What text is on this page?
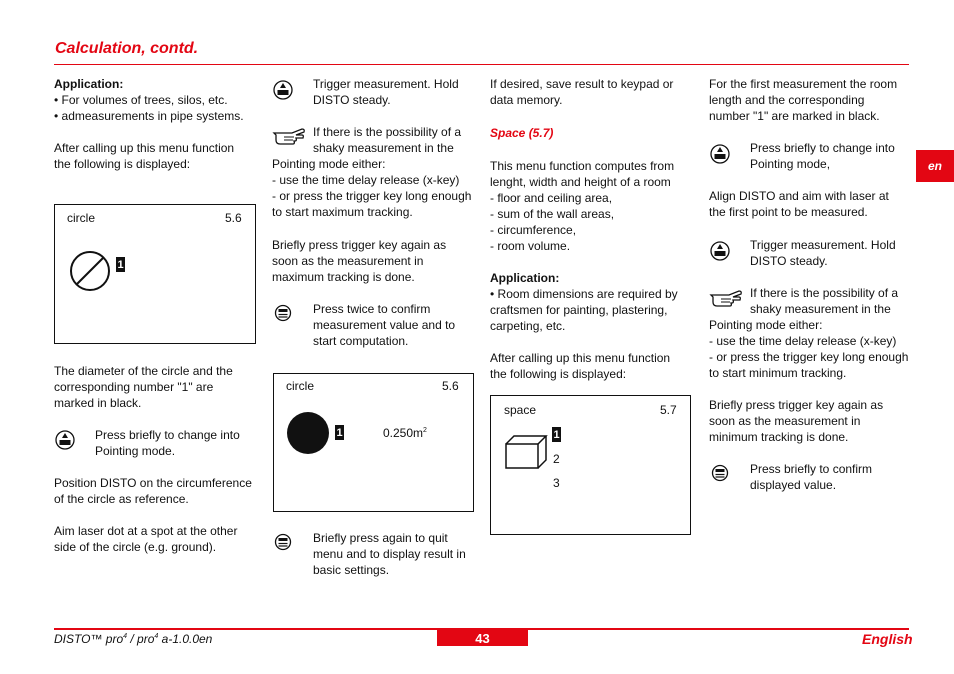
Calculation, contd.
Application:
• For volumes of trees, silos, etc.
• admeasurements in pipe systems.
After calling up this menu function
the following is displayed:
circle	5.6
1
The diameter of the circle and the
corresponding number "1" are
marked in black.
Press briefly to change into
Pointing mode.
Position DISTO on the circumference
of the circle as reference.
Aim laser dot at a spot at the other
side of the circle (e.g. ground).
Trigger measurement. Hold
DISTO steady.
If there is the possibility of a
shaky measurement in the
Pointing mode either:
- use the time delay release (x-key)
- or press the trigger key long enough
to start maximum tracking.
Briefly press trigger key again as
soon as the measurement in
maximum tracking is done.
Press twice to confirm
measurement value and to
start computation.
circle	5.6
1	$0.250m^2$
Briefly press again to quit
menu and to display result in
basic settings.
If desired, save result to keypad or
data memory.
Space (5.7)
This menu function computes from
lenght, width and height of a room
- floor and ceiling area,
- sum of the wall areas,
- circumference,
- room volume.
Application:
• Room dimensions are required by
craftsmen for painting, plastering,
carpeting, etc.
After calling up this menu function
the following is displayed:
space	5.7
1
2
3
For the first measurement the room
length and the corresponding
number "1" are marked in black.
Press briefly to change into
Pointing mode,
Align DISTO and aim with laser at
the first point to be measured.
Trigger measurement. Hold
DISTO steady.
If there is the possibility of a
shaky measurement in the
Pointing mode either:
- use the time delay release (x-key)
- or press the trigger key long enough
to start minimum tracking.
Briefly press trigger key again as
soon as the measurement in
minimum tracking is done.
Press briefly to confirm
displayed value.
en
DISTO™ pro$^4$ / pro$^4$ a-1.0.0en	43	English
